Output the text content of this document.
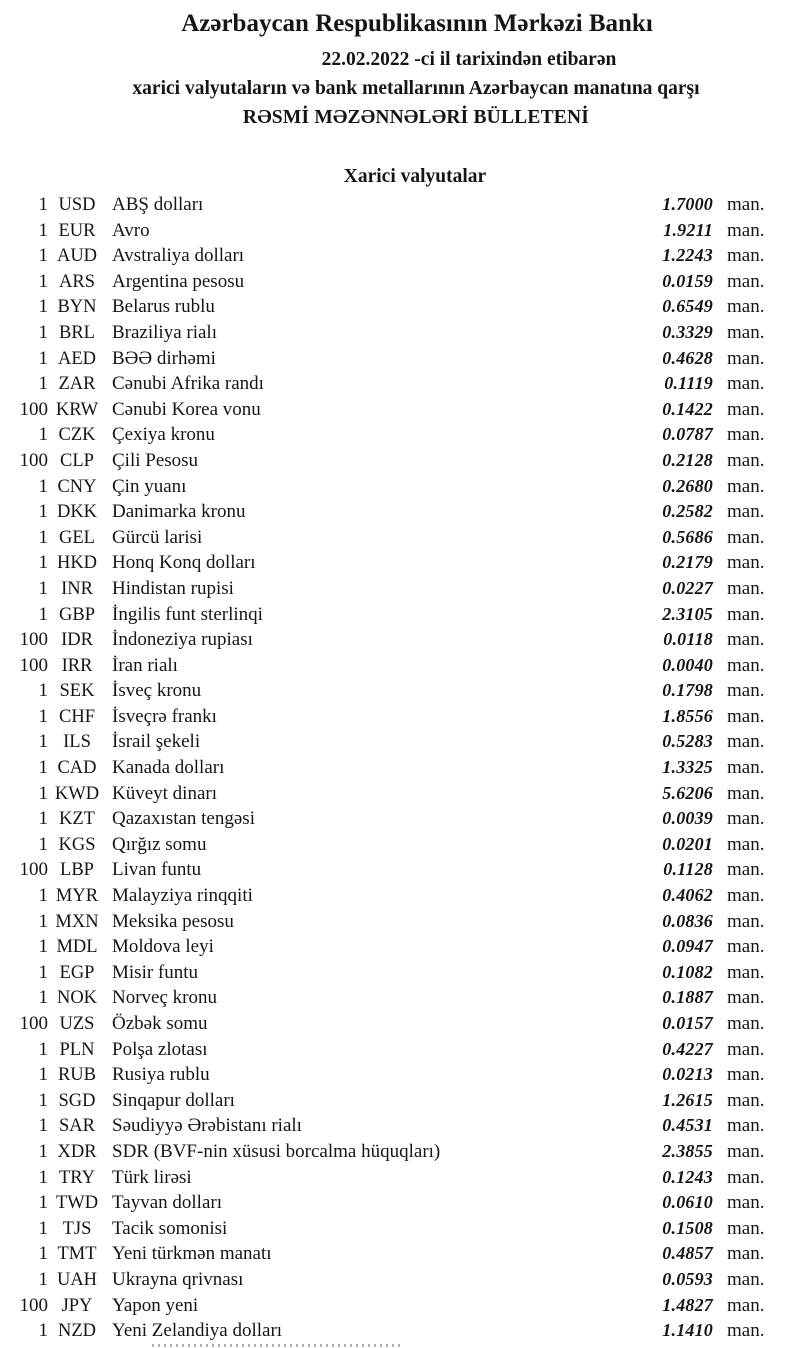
Azərbaycan Respublikasının Mərkəzi Bankı
22.02.2022 -ci il tarixindən etibarən
xarici valyutaların və bank metallarının Azərbaycan manatına qarşı
RƏSMİ MƏZƏNNƏLƏRİ BÜLLETENİ
Xarici valyutalar
1 USD ABŞ dolları	1.7000 man.
1 EUR Avro	1.9211 man.
1 AUD Avstraliya dolları	1.2243 man.
1 ARS Argentina pesosu	0.0159 man.
1 BYN Belarus rublu	0.6549 man.
1 BRL Braziliya rialı	0.3329 man.
1 AED BƏƏ dirhəmi	0.4628 man.
1 ZAR Cənubi Afrika randı	0.1119 man.
100 KRW Cənubi Korea vonu	0.1422 man.
1 CZK Çexiya kronu	0.0787 man.
100 CLP Çili Pesosu	0.2128 man.
1 CNY Çin yuanı	0.2680 man.
1 DKK Danimarka kronu	0.2582 man.
1 GEL Gürcü larisi	0.5686 man.
1 HKD Honq Konq dolları	0.2179 man.
1 INR	Hindistan rupisi	0.0227 man.
1 GBP İngilis funt sterlinqi	2.3105 man.
100 IDR	İndoneziya rupiası	0.0118 man.
100 IRR	İran rialı	0.0040 man.
1 SEK İsveç kronu	0.1798 man.
1 CHF İsveçrə frankı	1.8556 man.
1 ILS	İsrail şekeli	0.5283 man.
1 CAD Kanada dolları	1.3325 man.
1 KWD Küveyt dinarı	5.6206 man.
1 KZT Qazaxıstan tengəsi	0.0039 man.
1 KGS Qırğız somu	0.0201 man.
100 LBP Livan funtu	0.1128 man.
1 MYR Malayziya rinqqiti	0.4062 man.
1 MXN Meksika pesosu	0.0836 man.
1 MDL Moldova leyi	0.0947 man.
1 EGP Misir funtu	0.1082 man.
1 NOK Norveç kronu	0.1887 man.
100 UZS Özbək somu	0.0157 man.
1 PLN Polşa zlotası	0.4227 man.
1 RUB Rusiya rublu	0.0213 man.
1 SGD Sinqapur dolları	1.2615 man.
1 SAR Səudiyyə Ərəbistanı rialı	0.4531 man.
1 XDR SDR (BVF-nin xüsusi borcalma hüquqları)	2.3855 man.
1 TRY Türk lirəsi	0.1243 man.
1 TWD Tayvan dolları	0.0610 man.
1 TJS	Tacik somonisi	0.1508 man.
1 TMT Yeni türkmən manatı	0.4857 man.
1 UAH Ukrayna qrivnası	0.0593 man.
100 JPY	Yapon yeni	1.4827 man.
1 NZD Yeni Zelandiya dolları	1.1410 man.
